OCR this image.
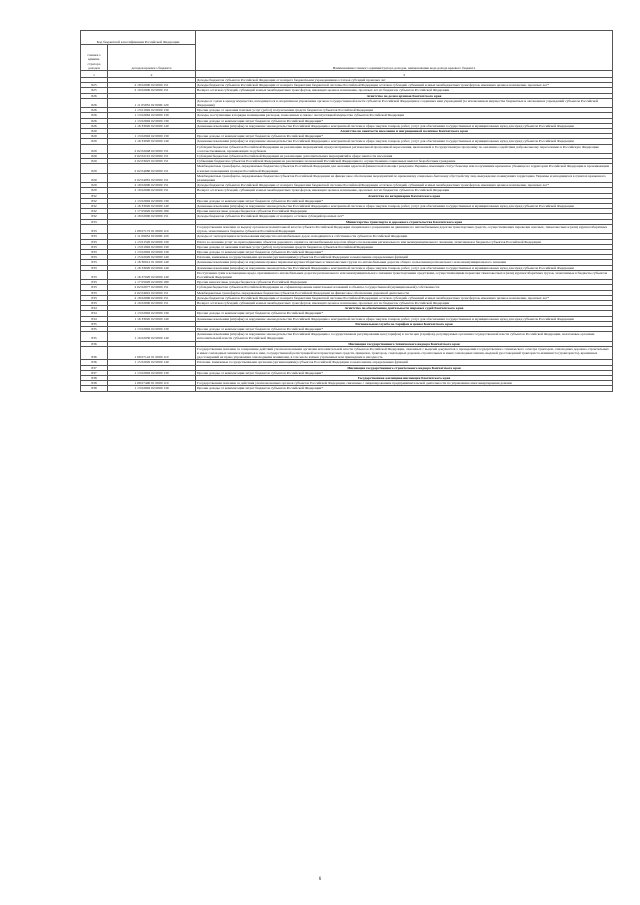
Код бюджетной классификации Российской Федерации		Наименование главного администратора доходов, наименование кода дохода краевого бюджета
главного админи-стратора доходов	доходов краевого бюджета	
1	2	3
		Доходы бюджетов субъектов Российской Федерации от возврата бюджетными учреждениями остатков субсидий прошлых лет
825	2 18 02000 02 0000 151	Доходы бюджетов субъектов Российской Федерации от возврата бюджетами бюджетной системы Российской Федерации остатков субсидий, субвенций и иных межбюджетных трансфертов, имеющих целевое назначение, прошлых лет*
825	2 19 02000 02 0000 151	Возврат остатков субсидий, субвенций и иных межбюджетных трансфертов, имеющих целевое назначение, прошлых лет из бюджетов субъектов Российской Федерации
826		Агентство по делам архивов Камчатского края
826	1 11 05032 02 0000 120	Доходы от сдачи в аренду имущества, находящегося в оперативном управлении органов государственной власти субъектов Российской Федерации и созданных ими учреждений (за исключением имущества бюджетных и автономных учреждений субъектов Российской Федерации)
826	1 13 01992 02 0000 130	Прочие доходы от оказания платных услуг (работ) получателями средств бюджетов субъектов Российской Федерации
826	1 13 02062 02 0000 130	Доходы, поступающие в порядке возмещения расходов, понесенных в связи с эксплуатацией имущества субъектов Российской Федерации
826	1 13 02992 02 0000 130	Прочие доходы от компенсации затрат бюджетов субъектов Российской Федерации*
826	1 16 33020 02 0000 140	Денежные взыскания (штрафы) за нарушение законодательства Российской Федерации о контрактной системе в сфере закупок товаров, работ, услуг для обеспечения государственных и муниципальных нужд для нужд субъектов Российской Федерации
829		Агентство по занятости населения и миграционной политике Камчатского края
829	1 13 02992 02 0000 130	Прочие доходы от компенсации затрат бюджетов субъектов Российской Федерации*
829	1 16 33020 02 0000 140	Денежные взыскания (штрафы) за нарушение законодательства Российской Федерации о контрактной системе в сфере закупок товаров, работ, услуг для обеспечения государственных и муниципальных нужд для нужд субъектов Российской Федерации
829	2 02 02048 02 0000 151	Субсидии бюджетам субъектов Российской Федерации на реализацию мероприятий, предусмотренных региональной программой переселения, включенной в Государственную программу по оказанию содействия добровольному переселению в Российскую Федерацию соотечественников, проживающих за рубежом
829	2 02 02101 02 0000 151	Субсидии бюджетам субъектов Российской Федерации на реализацию дополнительных мероприятий в сфере занятости населения
829	2 02 03025 02 0000 151	Субвенции бюджетам субъектов Российской Федерации на реализацию полномочий Российской Федерации по осуществлению социальных выплат безработным гражданам
829	2 02 04080 02 0000 151	Межбюджетные трансферты, передаваемые бюджетам субъектов Российской Федерации для оказания адресной финансовой помощи гражданам Украины, имеющим статус беженца или получившим временное убежище на территории Российской Федерации и проживающим в жилых помещениях граждан Российской Федерации
829	2 02 04081 02 0000 151	Межбюджетные трансферты, передаваемые бюджетам субъектов Российской Федерации на финансовое обеспечение мероприятий по временному социально-бытовому обустройству лиц, вынужденно покинувших территорию Украины и находящихся в пунктах временного размещения
829	2 18 02000 02 0000 151	Доходы бюджетов субъектов Российской Федерации от возврата бюджетами бюджетной системы Российской Федерации остатков субсидий, субвенций и иных межбюджетных трансфертов, имеющих целевое назначение, прошлых лет*
829	2 19 02000 02 0000 151	Возврат остатков субсидий, субвенций и иных межбюджетных трансфертов, имеющих целевое назначение, прошлых лет из бюджетов субъектов Российской Федерации
832		Агентство по ветеринарии Камчатского края
832	1 13 02992 02 0000 130	Прочие доходы от компенсации затрат бюджетов субъектов Российской Федерации*
832	1 16 33020 02 0000 140	Денежные взыскания (штрафы) за нарушение законодательства Российской Федерации о контрактной системе в сфере закупок товаров, работ, услуг для обеспечения государственных и муниципальных нужд для нужд субъектов Российской Федерации
832	1 17 05020 02 0000 180	Прочие неналоговые доходы бюджетов субъектов Российской Федерации
832	2 18 02000 02 0000 151	Доходы бюджетов субъектов Российской Федерации от возврата остатков субсидий прошлых лет*
833		Министерство транспорта и дорожного строительства Камчатского края
833	1 08 07172 01 0000 110	Государственная пошлина за выдачу органом исполнительной власти субъекта Российской Федерации специального разрешения на движение по автомобильным дорогам транспортных средств, осуществляющих перевозки опасных, тяжеловесных и (или) крупногабаритных грузов, зачисляемая в бюджеты субъектов Российской Федерации
833	1 11 09032 02 0000 120	Доходы от эксплуатации и использования имущества автомобильных дорог, находящихся в собственности субъектов Российской Федерации
833	1 13 01520 02 0000 130	Плата за оказание услуг по присоединению объектов дорожного сервиса к автомобильным дорогам общего пользования регионального или межмуниципального значения, зачисляемая в бюджеты субъектов Российской Федерации
833	1 13 01992 02 0000 130	Прочие доходы от оказания платных услуг (работ) получателями средств бюджетов субъектов Российской Федерации
833	1 13 02992 02 0000 130	Прочие доходы от компенсации затрат бюджетов субъектов Российской Федерации*
833	1 15 02020 02 0000 140	Платежи, взимаемые государственными органами (организациями) субъектов Российской Федерации за выполнение определенных функций
833	1 16 30012 01 0000 140	Денежные взыскания (штрафы) за нарушение правил перевозки крупногабаритных и тяжеловесных грузов по автомобильным дорогам общего пользования регионального или межмуниципального значения
833	1 16 33020 02 0000 140	Денежные взыскания (штрафы) за нарушение законодательства Российской Федерации о контрактной системе в сфере закупок товаров, работ, услуг для обеспечения государственных и муниципальных нужд для нужд субъектов Российской Федерации
833	1 16 37020 02 0000 140	Поступления сумм в возмещение вреда, причиняемого автомобильным дорогам регионального или межмуниципального значения транспортными средствами, осуществляющими перевозки тяжеловесных и (или) крупногабаритных грузов, зачисляемые в бюджеты субъектов Российской Федерации
833	1 17 05020 02 0000 180	Прочие неналоговые доходы бюджетов субъектов Российской Федерации
833	2 02 02077 02 0000 151	Субсидии бюджетам субъектов Российской Федерации на софинансирование капитальных вложений в объекты государственной (муниципальной) собственности
833	2 02 04091 02 0000 151	Межбюджетные трансферты, передаваемые бюджетам субъектов Российской Федерации на финансовое обеспечение дорожной деятельности
833	2 18 02000 02 0000 151	Доходы бюджетов субъектов Российской Федерации от возврата бюджетами бюджетной системы Российской Федерации остатков субсидий, субвенций и иных межбюджетных трансфертов, имеющих целевое назначение, прошлых лет*
833	2 19 02000 02 0000 151	Возврат остатков субсидий, субвенций и иных межбюджетных трансфертов, имеющих целевое назначение, прошлых лет из бюджетов субъектов Российской Федерации
834		Агентство по обеспечению деятельности мировых судей Камчатского края
834	1 13 02992 02 0000 130	Прочие доходы от компенсации затрат бюджетов субъектов Российской Федерации*
834	1 16 33020 02 0000 140	Денежные взыскания (штрафы) за нарушение законодательства Российской Федерации о контрактной системе в сфере закупок товаров, работ, услуг для обеспечения государственных и муниципальных нужд для нужд субъектов Российской Федерации
835		Региональная служба по тарифам и ценам Камчатского края
835	1 13 02992 02 0000 130	Прочие доходы от компенсации затрат бюджетов субъектов Российской Федерации*
835	1 16 02030 02 0000 140	Денежные взыскания (штрафы) за нарушение законодательства Российской Федерации о государственном регулировании цен (тарифов) в части цен (тарифов), регулируемых органами государственной власти субъектов Российской Федерации, налагаемые органами исполнительной власти субъектов Российской Федерации
836		Инспекция государственного технического надзора Камчатского края
836	1 08 07142 01 0000 110	Государственная пошлина за совершение действий уполномоченными органами исполнительной власти субъектов Российской Федерации, связанных с выдачей документов о проведении государственного технического осмотра тракторов, самоходных дорожно-строительных и иных самоходных машин и прицепов к ним, государственной регистрацией мототранспортных средств, прицепов, тракторов, самоходных дорожно-строительных и иных самоходных машин, выдачей удостоверений тракториста-машиниста (тракториста), временных удостоверений на право управления самоходными машинами, в том числе взамен утраченных или пришедших в негодность
836	1 15 02020 02 0000 140	Платежи, взимаемые государственными органами (организациями) субъектов Российской Федерации за выполнение определенных функций
837		Инспекция государственного строительного надзора Камчатского края
837	1 13 02992 02 0000 130	Прочие доходы от компенсации затрат бюджетов субъектов Российской Федерации*
838		Государственная жилищная инспекция Камчатского края
838	1 08 07400 01 0000 110	Государственная пошлина за действия уполномоченных органов субъектов Российской Федерации, связанные с лицензированием предпринимательской деятельности по управлению многоквартирными домами
838	1 13 02992 02 0000 130	Прочие доходы от компенсации затрат бюджетов субъектов Российской Федерации*
6
